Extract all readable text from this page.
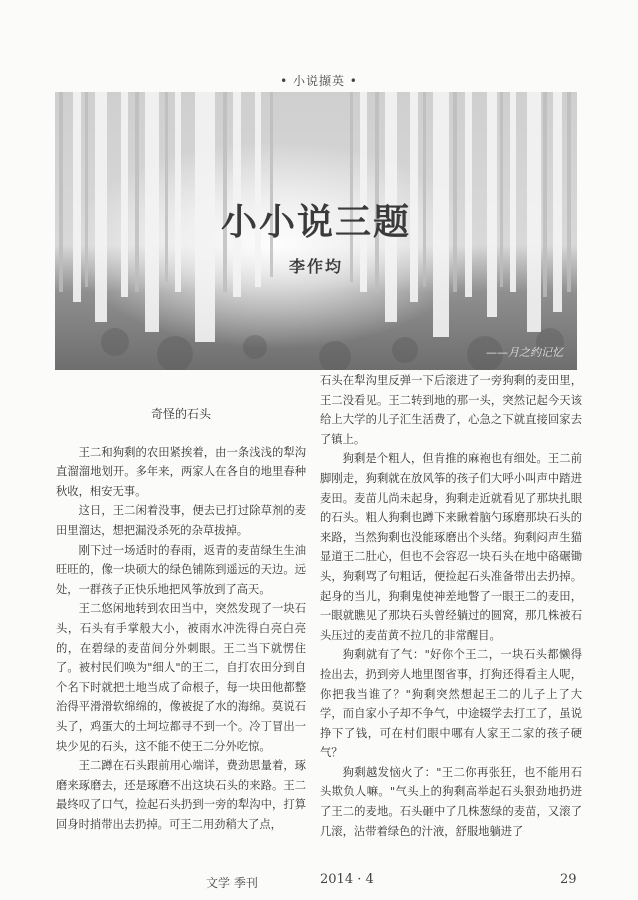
• 小说撷英 •
小小说三题
李作均
——月之约记忆
奇怪的石头

王二和狗剩的农田紧挨着，由一条浅浅的犁沟直溜溜地划开。多年来，两家人在各自的地里春种秋收，相安无事。

这日，王二闲着没事，便去已打过除草剂的麦田里溜达，想把漏没杀死的杂草拔掉。

刚下过一场适时的春雨，返青的麦苗绿生生油旺旺的，像一块硕大的绿色铺陈到遥远的天边。远处，一群孩子正快乐地把风筝放到了高天。

王二悠闲地转到农田当中，突然发现了一块石头，石头有手掌般大小，被雨水冲洗得白亮白亮的，在碧绿的麦苗间分外刺眼。王二当下就愣住了。被村民们唤为"细人"的王二，自打农田分到自个名下时就把土地当成了命根子，每一块田他都整治得平滑滑软绵绵的，像被捉了水的海绵。莫说石头了，鸡蛋大的土坷垃都寻不到一个。冷丁冒出一块少见的石头，这不能不使王二分外吃惊。

王二蹲在石头跟前用心端详，费劲思量着，琢磨来琢磨去，还是琢磨不出这块石头的来路。王二最终叹了口气，捡起石头扔到一旁的犁沟中，打算回身时捎带出去扔掉。可王二用劲稍大了点，

石头在犁沟里反弹一下后滚进了一旁狗剩的麦田里，王二没看见。王二转到地的那一头，突然记起今天该给上大学的儿子汇生活费了，心急之下就直接回家去了镇上。

狗剩是个粗人，但肯推的麻袍也有细处。王二前脚刚走，狗剩就在放风筝的孩子们大呼小叫声中踏进麦田。麦苗儿尚未起身，狗剩走近就看见了那块扎眼的石头。粗人狗剩也蹲下来瞅着脑勺琢磨那块石头的来路，当然狗剩也没能琢磨出个头绪。狗剩闷声生猫显道王二肚心，但也不会容忍一块石头在地中硌碾锄头，狗剩骂了句粗话，便捡起石头准备带出去扔掉。起身的当儿，狗剩鬼使神差地瞥了一眼王二的麦田，一眼就瞧见了那块石头曾经躺过的圆窝，那几株被石头压过的麦苗黄不拉几的非常醒目。

狗剩就有了气："好你个王二，一块石头都懒得捡出去，扔到旁人地里图省事，打狗还得看主人呢，你把我当谁了？"狗剩突然想起王二的儿子上了大学，而自家小子却不争气，中途辍学去打工了，虽说挣下了钱，可在村们眼中哪有人家王二家的孩子硬气？

狗剩越发恼火了："王二你再张狂，也不能用石头欺负人嘛。"气头上的狗剩高举起石头狠劲地扔进了王二的麦地。石头砸中了几株葱绿的麦苗，又滚了几滚，沾带着绿色的汁液，舒服地躺进了

文学 季刊	2014 · 4	29
